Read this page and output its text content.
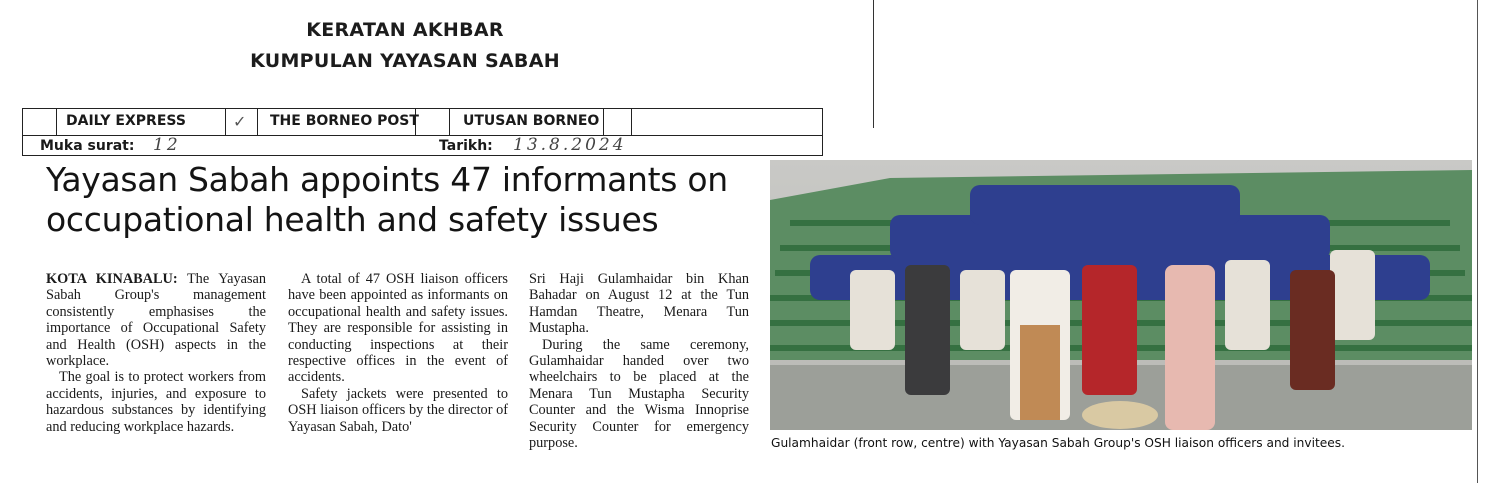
KERATAN AKHBAR
KUMPULAN YAYASAN SABAH
DAILY EXPRESS	✓ THE BORNEO POST	UTUSAN BORNEO
Muka surat: 12	Tarikh: 13.8.2024
Yayasan Sabah appoints 47 informants on
occupational health and safety issues

KOTA KINABALU: The Yayasan Sabah Group's management consistently emphasises the importance of Occupational Safety and Health (OSH) aspects in the workplace.

The goal is to protect workers from accidents, injuries, and exposure to hazardous substances by identifying and reducing workplace hazards.

A total of 47 OSH liaison officers have been appointed as informants on occupational health and safety issues. They are responsible for assisting in conducting inspections at their respective offices in the event of accidents.

Safety jackets were presented to OSH liaison officers by the director of Yayasan Sabah, Dato'

Sri Haji Gulamhaidar bin Khan Bahadar on August 12 at the Tun Hamdan Theatre, Menara Tun Mustapha.

During the same ceremony, Gulamhaidar handed over two wheelchairs to be placed at the Menara Tun Mustapha Security Counter and the Wisma Innoprise Security Counter for emergency purpose.	Gulamhaidar (front row, centre) with Yayasan Sabah Group's OSH liaison officers and invitees.
